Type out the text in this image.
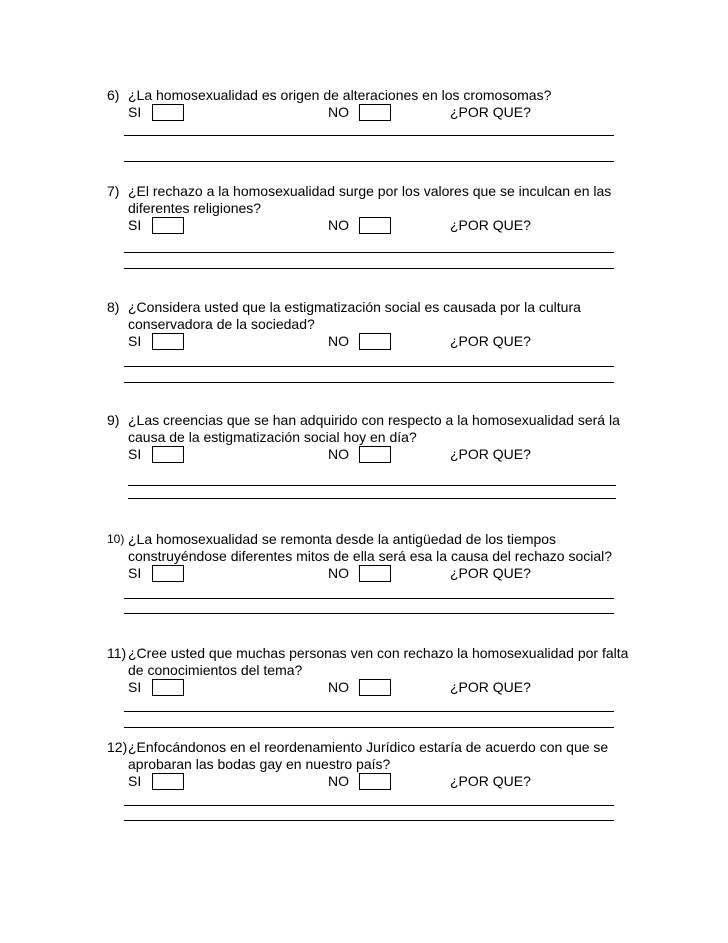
6) ¿La homosexualidad es origen de alteraciones en los cromosomas?
SI	NO	¿POR QUE?
7) ¿El rechazo a la homosexualidad surge por los valores que se inculcan en las
diferentes religiones?
SI	NO	¿POR QUE?
8) ¿Considera usted que la estigmatización social es causada por la cultura
conservadora de la sociedad?
SI	NO	¿POR QUE?
9) ¿Las creencias que se han adquirido con respecto a la homosexualidad será la
causa de la estigmatización social hoy en día?
SI	NO	¿POR QUE?
10) ¿La homosexualidad se remonta desde la antigüedad de los tiempos
construyéndose diferentes mitos de ella será esa la causa del rechazo social?
SI	NO	¿POR QUE?
11) ¿Cree usted que muchas personas ven con rechazo la homosexualidad por falta
de conocimientos del tema?
SI	NO	¿POR QUE?
12) ¿Enfocándonos en el reordenamiento Jurídico estaría de acuerdo con que se
aprobaran las bodas gay en nuestro país?
SI	NO	¿POR QUE?
